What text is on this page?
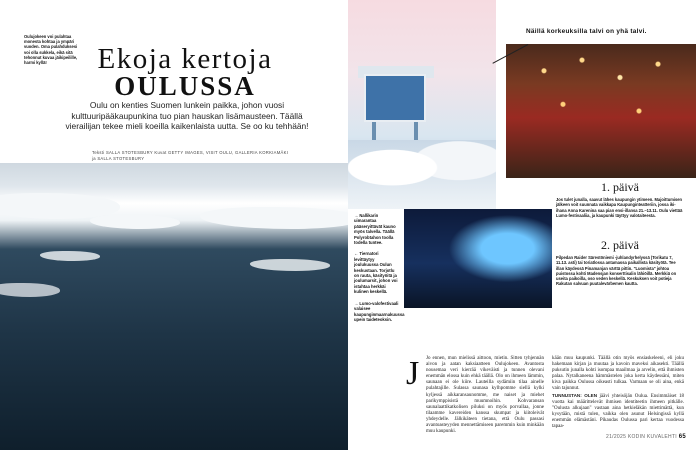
Oulujokeen voi pulahtaa monesta kohtaa ja ympäri vuoden. Oma pulahduksesi voi olla sukkela, eikä sitä tehonnut kuvaa jäikipeilille, harmi kyllä!	Ekoja kertoja
OULUSSA
Oulu on kenties Suomen lunkein paikka, johon vuosi kulttuuripääkaupunkina tuo pian hauskan lisämausteen. Täällä vierailijan tekee mieli koeilla kaikenlaista uutta. Se oo ku tehhään!
Teksti SALLA STOTESBURY Kuvat GETTY IMAGES, VISIT OULU, GALLERIA KORKIAMÄKI ja SALLA STOTESBURY
Näillä korkeuksilla talvi on yhä talvi.

→ Nallikarin uimarantaa pääseryittävät kauno myös talvella. Täällä Polyrobtahon toolla todella tuntee.

← Tiernatori levittäytyy joulukuussa Oulun keskustaan. Torjotlu on rauta, käsityöitä ja joulumarsit, johon voi istahtaa herkkäi kulinen keskellä.

→ Lumo-valofestivaali valaisee kaupunginmaarnakuussa upein taideteoksin.

1. päivä

Jos tulet junalla, saavut lähes kaupungin ytimeen. Majoittumisen jälkeen voit suunnata vaikkapa Kaupunginteatteriin, jossa iki-ihana Anna Karenina saa pian ensi-illansa 21.–13.11. Oulu viettää Lumo-festivaaliia, ja kaupunki täyttyy valotaiteesta.

2. päivä

Pilpedan Raider Särestöniemi -juhlandyrhelyssä (Torikatu 7, 11.13. asti) tai toriatlossa antamassa paikallista käsityötä. Tee illan käydessä Pinamanjan värttä pittin. "Luomista" johtoa puistossa kohti Madensjan konserttisalin lähiöillä. Merkkiä on useita paikoilla, oso veden keskellä. Keskuksen voit potieja Rakutan salvuan puutalevärbemen kautta.

J Jo ennen, mun mielissä aittoon, mietin. Sitten tyhjennän aivon ja aatan kaksiaatteen Oulujokeen. Avantosta nousemaa veri kierrää vikeväisti ja tunnen olevani enemmän elossa kuin ehkä täällä. Olo on ihmeen lämmin, saunaan ei ole kiire. Lauteilla sydämiin tilaa ainelle pulahtajille. Sulassa saunasa kylhpomme siellä kylki kyljessä aikkaransaunomme, me naiset ja miehet parikymppisistä muumnoihin. Kohvaransan saunalaattikatkolisen piluksi on myös porvallaa, jonne tilaamme kavereiden kanssa skumpat ja kiitoleivät yhdeydelle. Jälkikäteen tietana, että Oulu passasi avantoasteyyden mennettämiseen paremmin kuin minkään muu kaupunki.
kään muu kaupunki. Täällä otin myös ensiaskeleeni, eli joku hakemaan kirjan ja muutaa ja kavoin maveksi aikasekti. Täällä puksutin junalla kohti isompaa maailmaa ja arvelin, että ihmisten palaa. Nytalkaneena hämmästelen joka kerta käydessäni, miten kiva paikka Oulussa oikeasti tulkaa. Varmaan se oli aina, enkä vain tajunnut.
TUNNUSTAN: OLEN jäävi yhteisöjän Oulua. Ensimmäiset 18 vuotta kai määrittelevät ihmisen identiteetin ihmeen pitkälle. "Oulusta alkujaan" vastaan aina hetkieläkän miettimättä, kun kysytään, mistä tulen, vaikka olen asunut Helsingissä kyllä enemmän elämästäni. Pikaudas Oulussa pari kertaa vuodessa tapaa-
21/2025 KODIN KUVALEHTI 65
